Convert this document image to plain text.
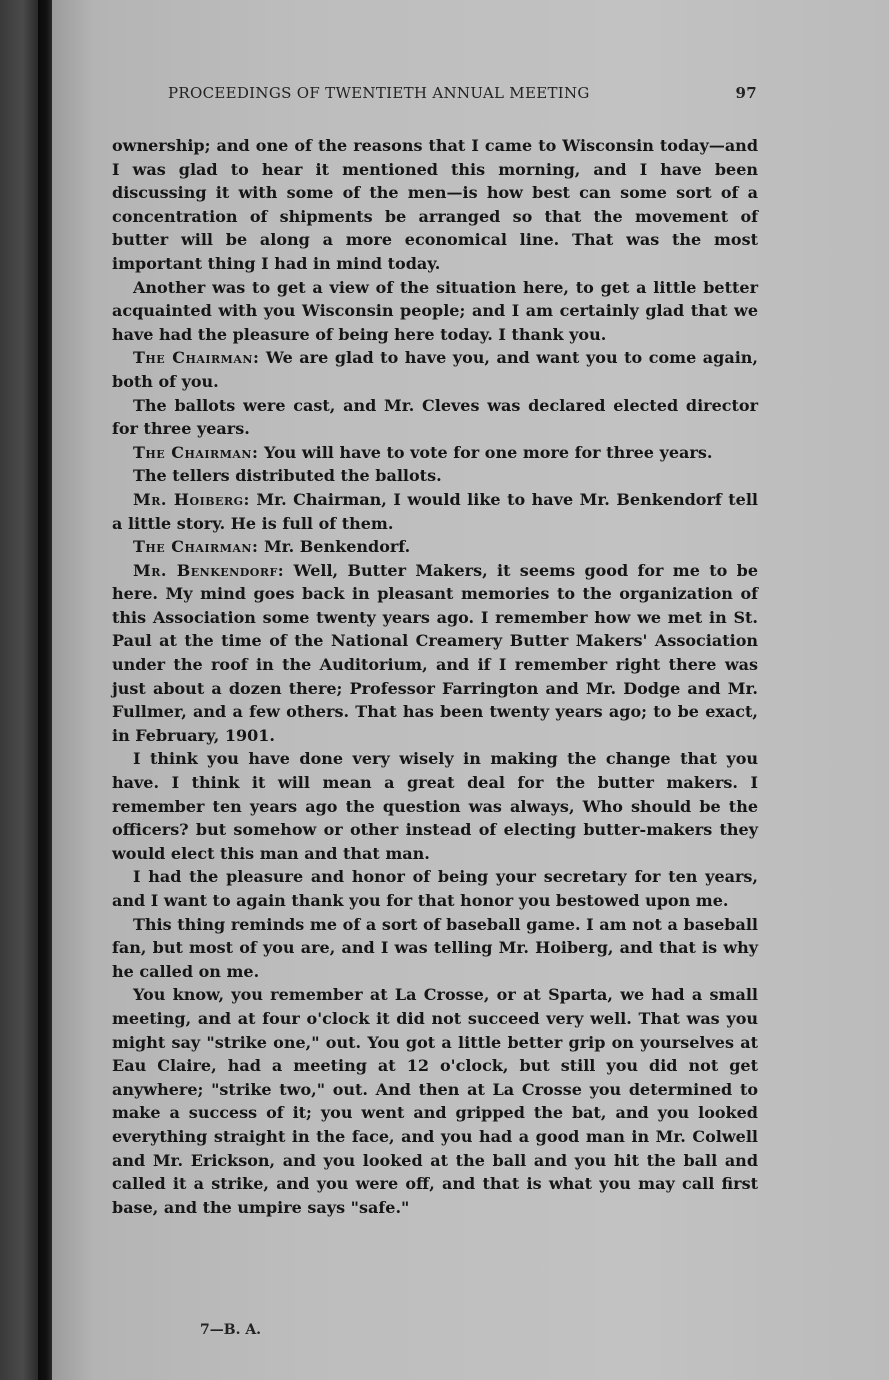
PROCEEDINGS OF TWENTIETH ANNUAL MEETING	97

ownership; and one of the reasons that I came to Wisconsin today—and I was glad to hear it mentioned this morning, and I have been discussing it with some of the men—is how best can some sort of a concentration of shipments be arranged so that the movement of butter will be along a more economical line. That was the most important thing I had in mind today.

Another was to get a view of the situation here, to get a little better acquainted with you Wisconsin people; and I am certainly glad that we have had the pleasure of being here today. I thank you.

The Chairman: We are glad to have you, and want you to come again, both of you.

The ballots were cast, and Mr. Cleves was declared elected director for three years.

The Chairman: You will have to vote for one more for three years.

The tellers distributed the ballots.

Mr. Hoiberg: Mr. Chairman, I would like to have Mr. Benkendorf tell a little story. He is full of them.

The Chairman: Mr. Benkendorf.

Mr. Benkendorf: Well, Butter Makers, it seems good for me to be here. My mind goes back in pleasant memories to the organization of this Association some twenty years ago. I remember how we met in St. Paul at the time of the National Creamery Butter Makers' Association under the roof in the Auditorium, and if I remember right there was just about a dozen there; Professor Farrington and Mr. Dodge and Mr. Fullmer, and a few others. That has been twenty years ago; to be exact, in February, 1901.

I think you have done very wisely in making the change that you have. I think it will mean a great deal for the butter makers. I remember ten years ago the question was always, Who should be the officers? but somehow or other instead of electing butter-makers they would elect this man and that man.

I had the pleasure and honor of being your secretary for ten years, and I want to again thank you for that honor you bestowed upon me.

This thing reminds me of a sort of baseball game. I am not a baseball fan, but most of you are, and I was telling Mr. Hoiberg, and that is why he called on me.

You know, you remember at La Crosse, or at Sparta, we had a small meeting, and at four o'clock it did not succeed very well. That was you might say "strike one," out. You got a little better grip on yourselves at Eau Claire, had a meeting at 12 o'clock, but still you did not get anywhere; "strike two," out. And then at La Crosse you determined to make a success of it; you went and gripped the bat, and you looked everything straight in the face, and you had a good man in Mr. Colwell and Mr. Erickson, and you looked at the ball and you hit the ball and called it a strike, and you were off, and that is what you may call first base, and the umpire says "safe."

7—B. A.
